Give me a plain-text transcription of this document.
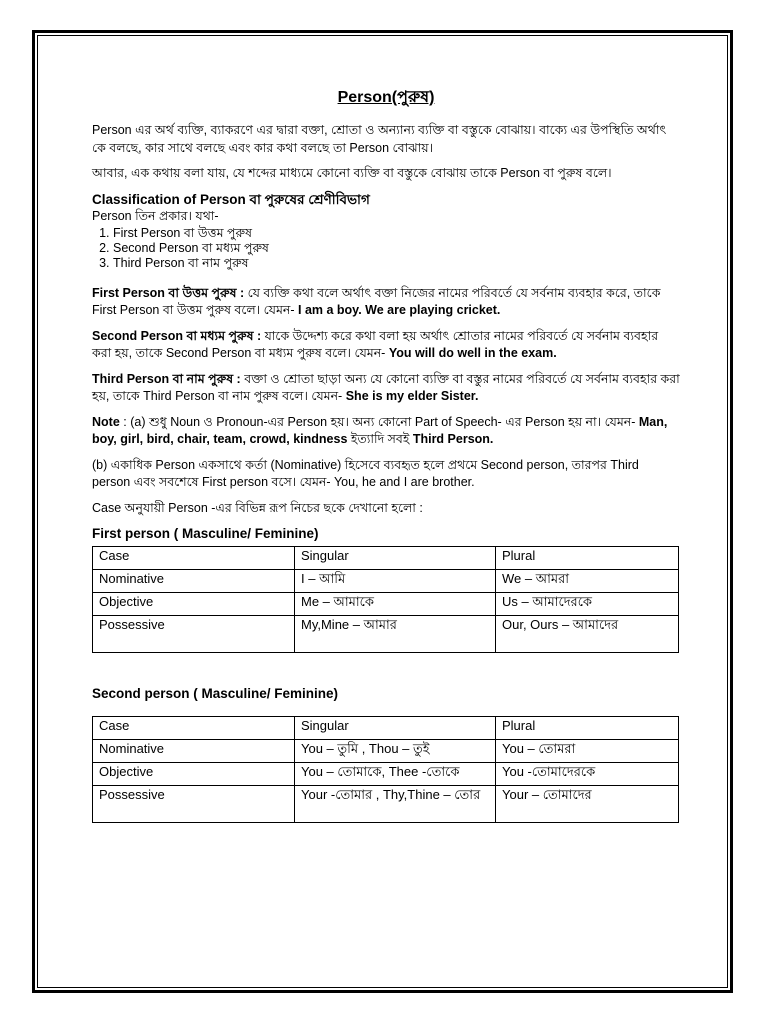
Person(পুরুষ)

Person এর অর্থ ব্যক্তি, ব্যাকরণে এর দ্বারা বক্তা, শ্রোতা ও অন্যান্য ব্যক্তি বা বস্তুকে বোঝায়। বাক্যে এর উপস্থিতি অর্থাৎ কে বলছে, কার সাথে বলছে এবং কার কথা বলছে তা Person বোঝায়।

আবার, এক কথায় বলা যায়, যে শব্দের মাধ্যমে কোনো ব্যক্তি বা বস্তুকে বোঝায় তাকে Person বা পুরুষ বলে।

Classification of Person বা পুরুষের শ্রেণীবিভাগ
Person তিন প্রকার। যথা-
1. First Person বা উত্তম পুরুষ
2. Second Person বা মধ্যম পুরুষ
3. Third Person বা নাম পুরুষ

First Person বা উত্তম পুরুষ : যে ব্যক্তি কথা বলে অর্থাৎ বক্তা নিজের নামের পরিবর্তে যে সর্বনাম ব্যবহার করে, তাকে First Person বা উত্তম পুরুষ বলে। যেমন- I am a boy. We are playing cricket.

Second Person বা মধ্যম পুরুষ : যাকে উদ্দেশ্য করে কথা বলা হয় অর্থাৎ শ্রোতার নামের পরিবর্তে যে সর্বনাম ব্যবহার করা হয়, তাকে Second Person বা মধ্যম পুরুষ বলে। যেমন- You will do well in the exam.

Third Person বা নাম পুরুষ : বক্তা ও শ্রোতা ছাড়া অন্য যে কোনো ব্যক্তি বা বস্তুর নামের পরিবর্তে যে সর্বনাম ব্যবহার করা হয়, তাকে Third Person বা নাম পুরুষ বলে। যেমন- She is my elder Sister.

Note : (a) শুধু Noun ও Pronoun-এর Person হয়। অন্য কোনো Part of Speech- এর Person হয় না। যেমন- Man, boy, girl, bird, chair, team, crowd, kindness ইত্যাদি সবই Third Person.

(b) একাধিক Person একসাথে কর্তা (Nominative) হিসেবে ব্যবহৃত হলে প্রথমে Second person, তারপর Third person এবং সবশেষে First person বসে। যেমন- You, he and I are brother.

Case অনুযায়ী Person -এর বিভিন্ন রূপ নিচের ছকে দেখানো হলো :

First person ( Masculine/ Feminine)
Case	Singular	Plural
Nominative	I – আমি	We – আমরা
Objective	Me – আমাকে	Us – আমাদেরকে
Possessive	My,Mine – আমার	Our, Ours – আমাদের
Second person ( Masculine/ Feminine)
Case	Singular	Plural
Nominative	You – তুমি , Thou – তুই	You – তোমরা
Objective	You – তোমাকে, Thee -তোকে	You -তোমাদেরকে
Possessive	Your -তোমার , Thy,Thine – তোর	Your – তোমাদের
